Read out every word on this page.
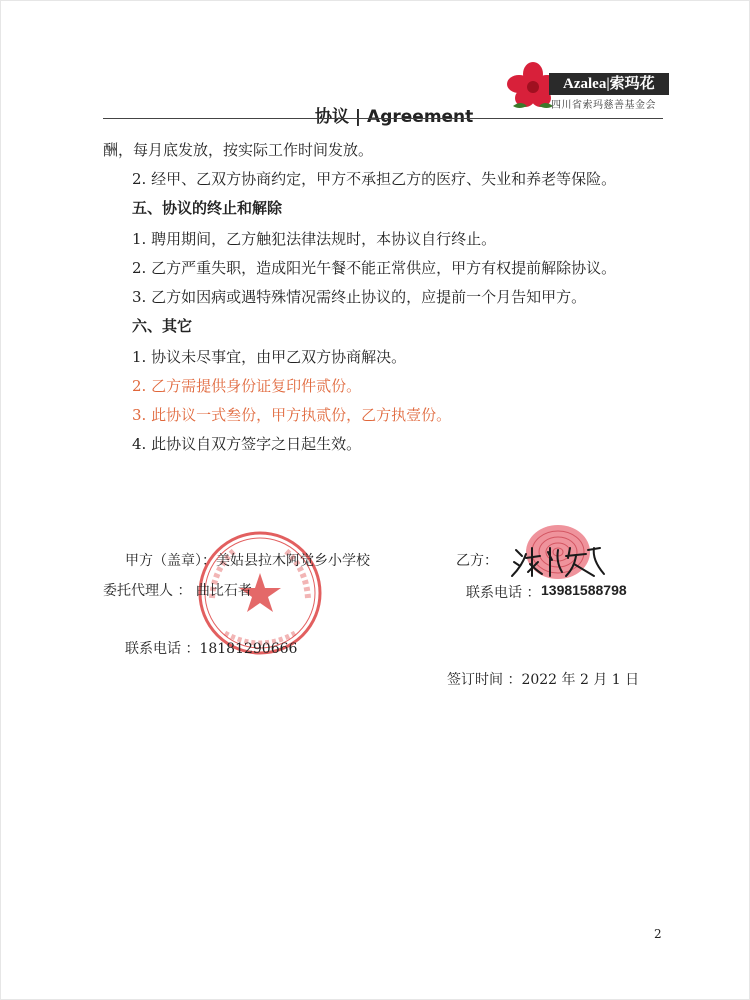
Azalea|索玛花
四川省索玛慈善基金会
协议 | Agreement
酬，每月底发放，按实际工作时间发放。
2. 经甲、乙双方协商约定，甲方不承担乙方的医疗、失业和养老等保险。
五、协议的终止和解除
1. 聘用期间，乙方触犯法律法规时，本协议自行终止。
2. 乙方严重失职，造成阳光午餐不能正常供应，甲方有权提前解除协议。
3. 乙方如因病或遇特殊情况需终止协议的，应提前一个月告知甲方。
六、其它
1. 协议未尽事宜，由甲乙双方协商解决。
2. 乙方需提供身份证复印件贰份。
3. 此协议一式叁份，甲方执贰份，乙方执壹份。
4. 此协议自双方签字之日起生效。
甲方（盖章）：美姑县拉木阿觉乡小学校
委托代理人 ： 曲比石者
联系电话 ：18181290666
乙方：
联系电话 ： 13981588798
签订时间 ：2022 年 2 月 1 日
2
